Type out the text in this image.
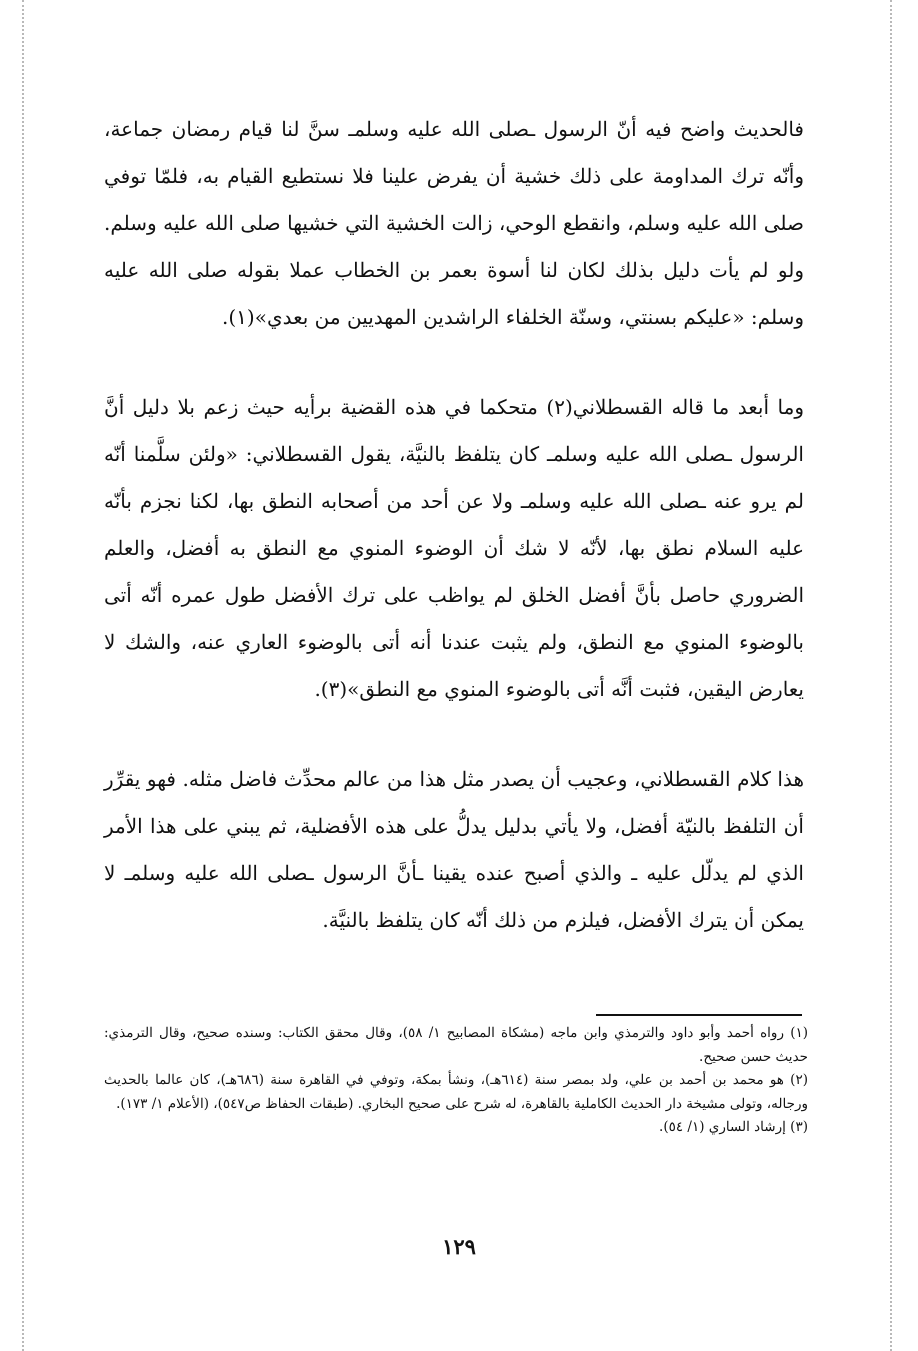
فالحديث واضح فيه أنّ الرسول ـصلى الله عليه وسلمـ سنَّ لنا قيام رمضان جماعة، وأنّه ترك المداومة على ذلك خشية أن يفرض علينا فلا نستطيع القيام به، فلمّا توفي صلى الله عليه وسلم، وانقطع الوحي، زالت الخشية التي خشيها صلى الله عليه وسلم. ولو لم يأت دليل بذلك لكان لنا أسوة بعمر بن الخطاب عملا بقوله صلى الله عليه وسلم: «عليكم بسنتي، وسنّة الخلفاء الراشدين المهديين من بعدي»(١).

وما أبعد ما قاله القسطلاني(٢) متحكما في هذه القضية برأيه حيث زعم بلا دليل أنَّ الرسول ـصلى الله عليه وسلمـ كان يتلفظ بالنيَّة، يقول القسطلاني: «ولئن سلَّمنا أنّه لم يرو عنه ـصلى الله عليه وسلمـ ولا عن أحد من أصحابه النطق بها، لكنا نجزم بأنّه عليه السلام نطق بها، لأنّه لا شك أن الوضوء المنوي مع النطق به أفضل، والعلم الضروري حاصل بأنَّ أفضل الخلق لم يواظب على ترك الأفضل طول عمره أنّه أتى بالوضوء المنوي مع النطق، ولم يثبت عندنا أنه أتى بالوضوء العاري عنه، والشك لا يعارض اليقين، فثبت أنَّه أتى بالوضوء المنوي مع النطق»(٣).

هذا كلام القسطلاني، وعجيب أن يصدر مثل هذا من عالم محدِّث فاضل مثله. فهو يقرِّر أن التلفظ بالنيّة أفضل، ولا يأتي بدليل يدلُّ على هذه الأفضلية، ثم يبني على هذا الأمر الذي لم يدلّل عليه ـ والذي أصبح عنده يقينا ـأنَّ الرسول ـصلى الله عليه وسلمـ لا يمكن أن يترك الأفضل، فيلزم من ذلك أنّه كان يتلفظ بالنيَّة.

(١) رواه أحمد وأبو داود والترمذي وابن ماجه (مشكاة المصابيح ١/ ٥٨)، وقال محقق الكتاب: وسنده صحيح، وقال الترمذي: حديث حسن صحيح.

(٢) هو محمد بن أحمد بن علي، ولد بمصر سنة (٦١٤هـ)، ونشأ بمكة، وتوفي في القاهرة سنة (٦٨٦هـ)، كان عالما بالحديث ورجاله، وتولى مشيخة دار الحديث الكاملية بالقاهرة، له شرح على صحيح البخاري. (طبقات الحفاظ ص٥٤٧)، (الأعلام ١/ ١٧٣).

(٣) إرشاد الساري (١/ ٥٤).

١٢٩
